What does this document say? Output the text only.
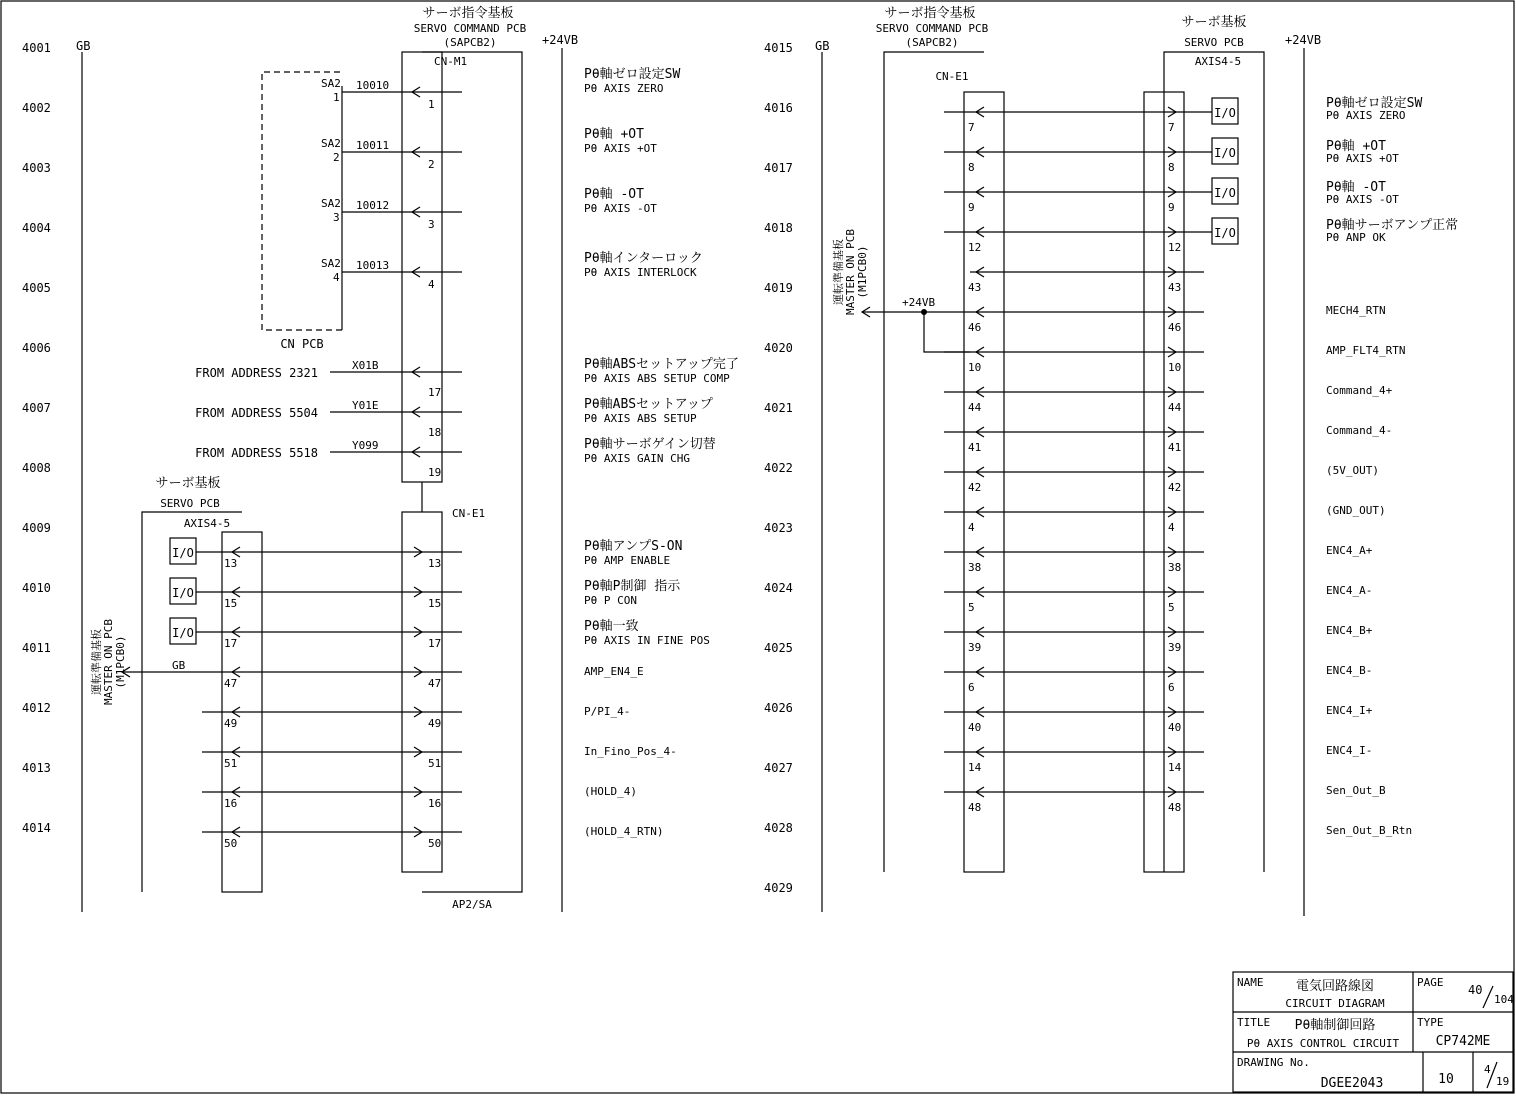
GB	+24VB
サーボ指令基板
SERVO COMMAND PCB
(SAPCB2)
CN-M1
CN-E1
AP2/SA
CN PCB
サーボ基板
SERVO PCB
AXIS4-5
運転準備基板 MASTER ON PCB (M1PCB0)	GB
GB	+24VB
サーボ指令基板
SERVO COMMAND PCB
(SAPCB2)
CN-E1
サーボ基板
SERVO PCB
AXIS4-5
運転準備基板 MASTER ON PCB (M1PCB0)
+24VB
NAME 電気回路線図
CIRCUIT DIAGRAM
PAGE
40
104
TITLE Pθ軸制御回路
Pθ AXIS CONTROL CIRCUIT
TYPE
CP742ME
DRAWING No.
DGEE2043	10
4
19
4001
4002
4003
4004
4005
4006
4007
4008
4009
4010
4011
4012
4013
4014
4015
4016
4017
4018
4019
4020
4021
4022
4023
4024
4025
4026
4027
4028
4029
SA2
1
10010
1
SA2
2
10011
2
SA2
3
10012
3
SA2
4
10013
4
FROM ADDRESS 2321
X01B
17
FROM ADDRESS 5504
Y01E
18
FROM ADDRESS 5518
Y099
19
I/O
I/O
I/O
13	13
15	15
17	17
47	47
49	49
51	51
16	16
50	50
Pθ軸ゼロ設定SW
Pθ AXIS ZERO
Pθ軸 +OT
Pθ AXIS +OT
Pθ軸 -OT
Pθ AXIS -OT
Pθ軸インターロック
Pθ AXIS INTERLOCK
Pθ軸ABSセットアップ完了
Pθ AXIS ABS SETUP COMP
Pθ軸ABSセットアップ
Pθ AXIS ABS SETUP
Pθ軸サーボゲイン切替
Pθ AXIS GAIN CHG
Pθ軸アンプS-ON
Pθ AMP ENABLE
Pθ軸P制御 指示
Pθ P CON
Pθ軸一致
Pθ AXIS IN FINE POS
AMP_EN4_E
P/PI_4-
In_Fino_Pos_4-
(HOLD_4)
(HOLD_4_RTN)
I/O
I/O
I/O
I/O
7	7
8	8
9	9
12	12
43	43
46	46
10	10
44	44
41	41
42	42
4	4
38	38
5	5
39	39
6	6
40	40
14	14
48	48
Pθ軸ゼロ設定SW
Pθ AXIS ZERO
Pθ軸 +OT
Pθ AXIS +OT
Pθ軸 -OT
Pθ AXIS -OT
Pθ軸サーボアンプ正常
Pθ ANP OK
MECH4_RTN
AMP_FLT4_RTN
Command_4+
Command_4-
(5V_OUT)
(GND_OUT)
ENC4_A+
ENC4_A-
ENC4_B+
ENC4_B-
ENC4_I+
ENC4_I-
Sen_Out_B
Sen_Out_B_Rtn
